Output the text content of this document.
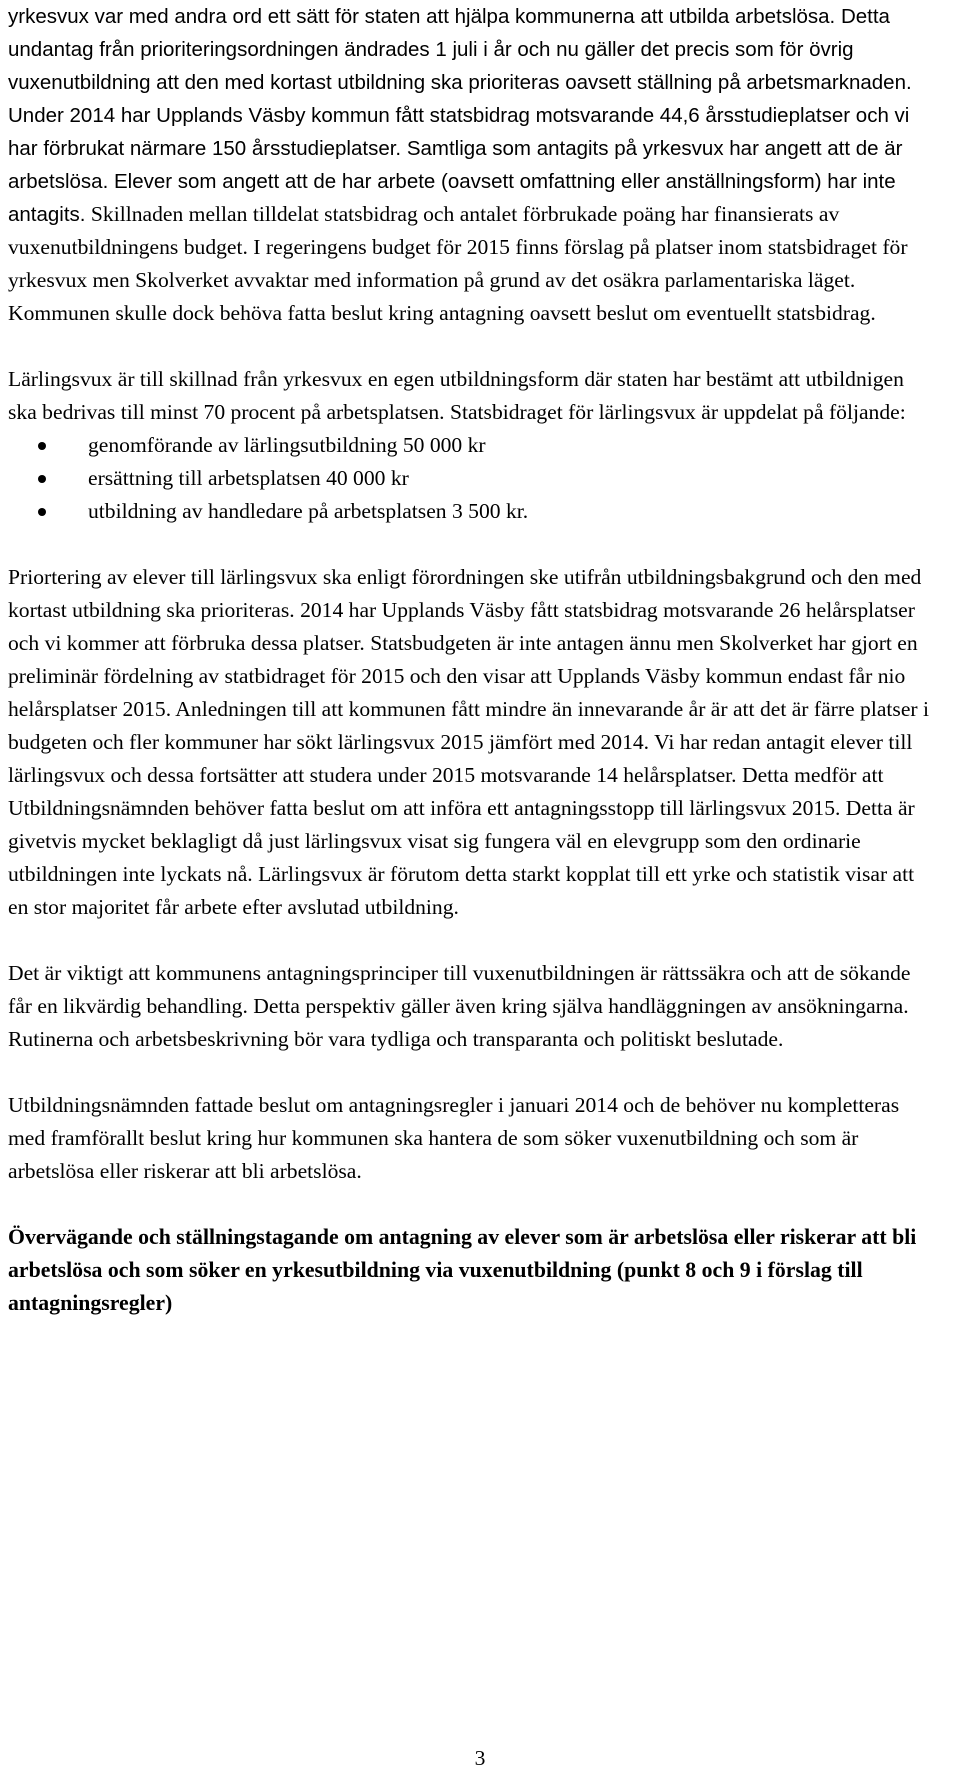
yrkesvux var med andra ord ett sätt för staten att hjälpa kommunerna att utbilda arbetslösa. Detta undantag från prioriteringsordningen ändrades 1 juli i år och nu gäller det precis som för övrig vuxenutbildning att den med kortast utbildning ska prioriteras oavsett ställning på arbetsmarknaden. Under 2014 har Upplands Väsby kommun fått statsbidrag motsvarande 44,6 årsstudieplatser och vi har förbrukat närmare 150 årsstudieplatser. Samtliga som antagits på yrkesvux har angett att de är arbetslösa. Elever som angett att de har arbete (oavsett omfattning eller anställningsform) har inte antagits. Skillnaden mellan tilldelat statsbidrag och antalet förbrukade poäng har finansierats av vuxenutbildningens budget. I regeringens budget för 2015 finns förslag på platser inom statsbidraget för yrkesvux men Skolverket avvaktar med information på grund av det osäkra parlamentariska läget. Kommunen skulle dock behöva fatta beslut kring antagning oavsett beslut om eventuellt statsbidrag.

Lärlingsvux är till skillnad från yrkesvux en egen utbildningsform där staten har bestämt att utbildnigen ska bedrivas till minst 70 procent på arbetsplatsen. Statsbidraget för lärlingsvux är uppdelat på följande:

genomförande av lärlingsutbildning 50 000 kr
ersättning till arbetsplatsen 40 000 kr
utbildning av handledare på arbetsplatsen 3 500 kr.

Priortering av elever till lärlingsvux ska enligt förordningen ske utifrån utbildningsbakgrund och den med kortast utbildning ska prioriteras. 2014 har Upplands Väsby fått statsbidrag motsvarande 26 helårsplatser och vi kommer att förbruka dessa platser. Statsbudgeten är inte antagen ännu men Skolverket har gjort en preliminär fördelning av statbidraget för 2015 och den visar att Upplands Väsby kommun endast får nio helårsplatser 2015. Anledningen till att kommunen fått mindre än innevarande år är att det är färre platser i budgeten och fler kommuner har sökt lärlingsvux 2015 jämfört med 2014. Vi har redan antagit elever till lärlingsvux och dessa fortsätter att studera under 2015 motsvarande 14 helårsplatser. Detta medför att Utbildningsnämnden behöver fatta beslut om att införa ett antagningsstopp till lärlingsvux 2015. Detta är givetvis mycket beklagligt då just lärlingsvux visat sig fungera väl en elevgrupp som den ordinarie utbildningen inte lyckats nå. Lärlingsvux är förutom detta starkt kopplat till ett yrke och statistik visar att en stor majoritet får arbete efter avslutad utbildning.

Det är viktigt att kommunens antagningsprinciper till vuxenutbildningen är rättssäkra och att de sökande får en likvärdig behandling. Detta perspektiv gäller även kring själva handläggningen av ansökningarna. Rutinerna och arbetsbeskrivning bör vara tydliga och transparanta och politiskt beslutade.

Utbildningsnämnden fattade beslut om antagningsregler i januari 2014 och de behöver nu kompletteras med framförallt beslut kring hur kommunen ska hantera de som söker vuxenutbildning och som är arbetslösa eller riskerar att bli arbetslösa.

Övervägande och ställningstagande om antagning av elever som är arbetslösa eller riskerar att bli arbetslösa och som söker en yrkesutbildning via vuxenutbildning (punkt 8 och 9 i förslag till antagningsregler)

3
